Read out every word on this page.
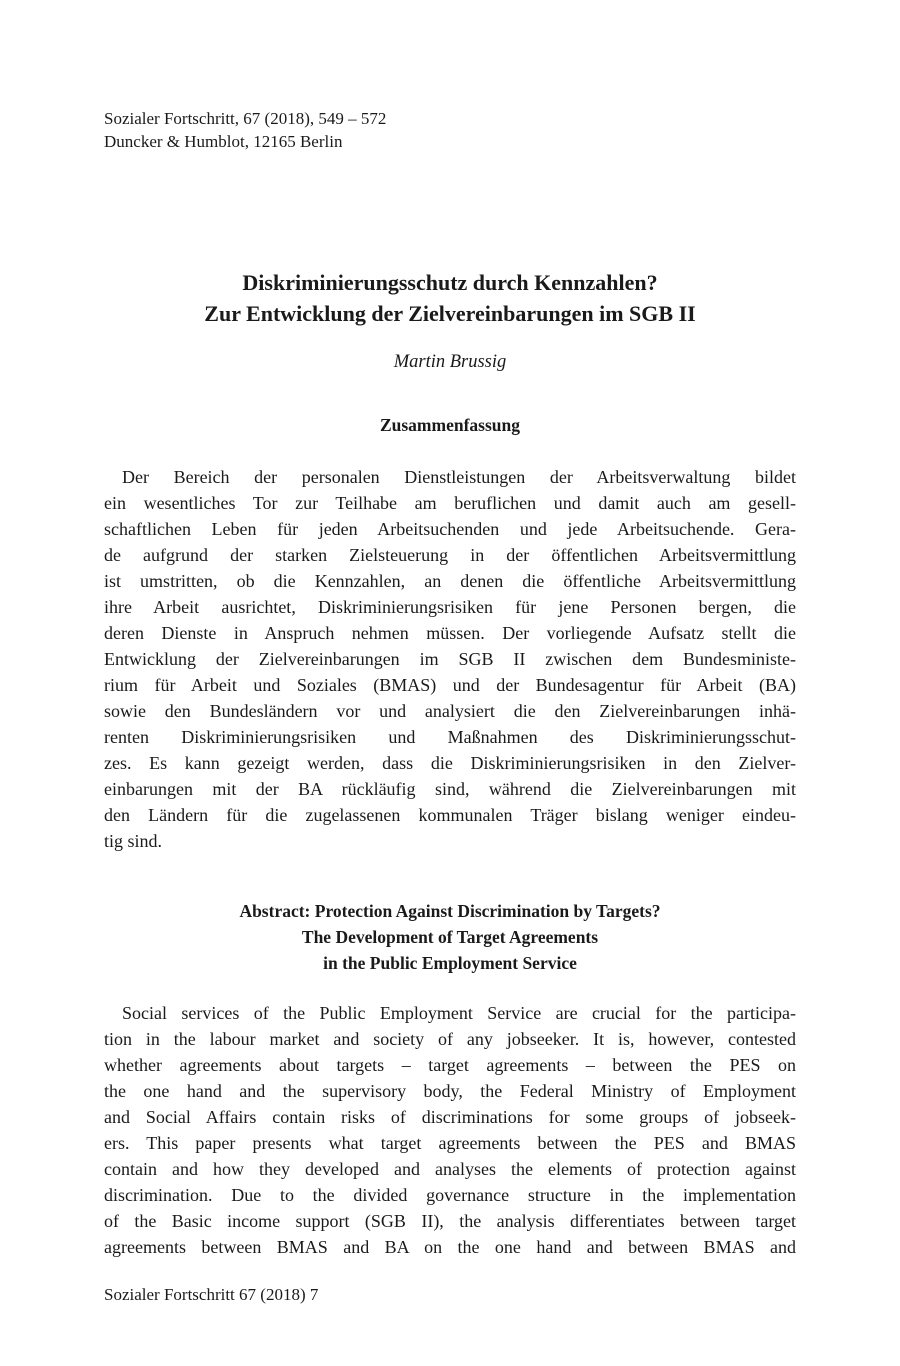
Sozialer Fortschritt, 67 (2018), 549 – 572
Duncker & Humblot, 12165 Berlin
Diskriminierungsschutz durch Kennzahlen?
Zur Entwicklung der Zielvereinbarungen im SGB II
Martin Brussig
Zusammenfassung
Der Bereich der personalen Dienstleistungen der Arbeitsverwaltung bildet
ein wesentliches Tor zur Teilhabe am beruflichen und damit auch am gesell-
schaftlichen Leben für jeden Arbeitsuchenden und jede Arbeitsuchende. Gera-
de aufgrund der starken Zielsteuerung in der öffentlichen Arbeitsvermittlung
ist umstritten, ob die Kennzahlen, an denen die öffentliche Arbeitsvermittlung
ihre Arbeit ausrichtet, Diskriminierungsrisiken für jene Personen bergen, die
deren Dienste in Anspruch nehmen müssen. Der vorliegende Aufsatz stellt die
Entwicklung der Zielvereinbarungen im SGB II zwischen dem Bundesministe-
rium für Arbeit und Soziales (BMAS) und der Bundesagentur für Arbeit (BA)
sowie den Bundesländern vor und analysiert die den Zielvereinbarungen inhä-
renten Diskriminierungsrisiken und Maßnahmen des Diskriminierungsschut-
zes. Es kann gezeigt werden, dass die Diskriminierungsrisiken in den Zielver-
einbarungen mit der BA rückläufig sind, während die Zielvereinbarungen mit
den Ländern für die zugelassenen kommunalen Träger bislang weniger eindeu-
tig sind.
Abstract: Protection Against Discrimination by Targets?
The Development of Target Agreements
in the Public Employment Service
Social services of the Public Employment Service are crucial for the participa-
tion in the labour market and society of any jobseeker. It is, however, contested
whether agreements about targets – target agreements – between the PES on
the one hand and the supervisory body, the Federal Ministry of Employment
and Social Affairs contain risks of discriminations for some groups of jobseek-
ers. This paper presents what target agreements between the PES and BMAS
contain and how they developed and analyses the elements of protection against
discrimination. Due to the divided governance structure in the implementation
of the Basic income support (SGB II), the analysis differentiates between target
agreements between BMAS and BA on the one hand and between BMAS and
Sozialer Fortschritt 67 (2018) 7
